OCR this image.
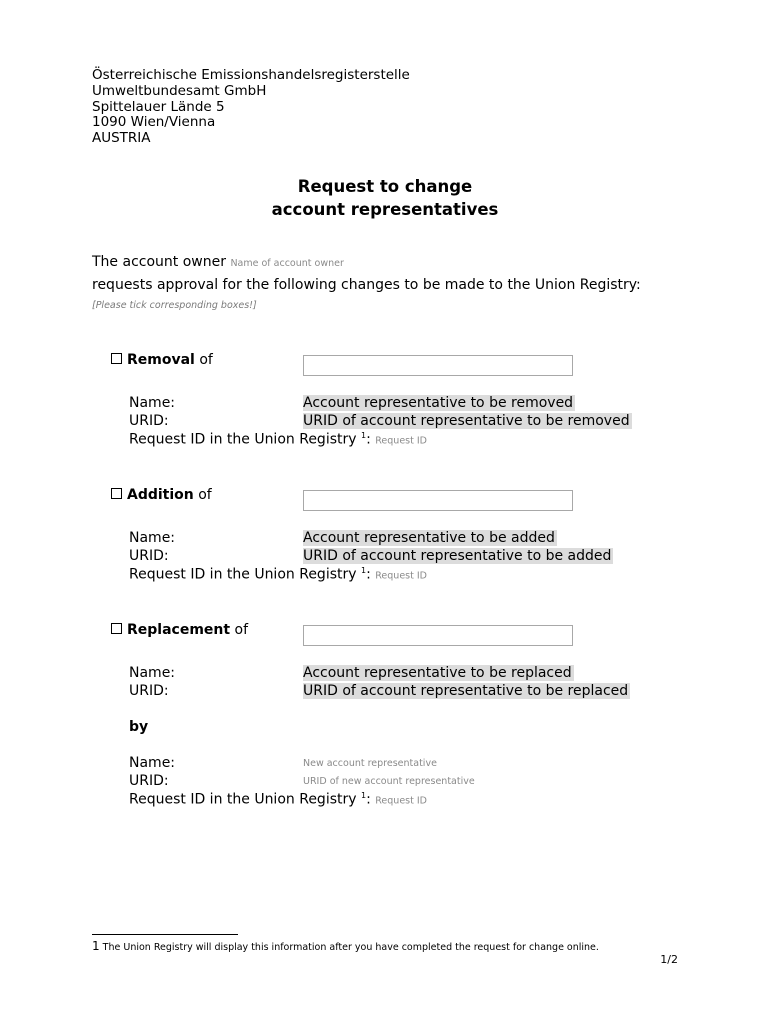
Österreichische Emissionshandelsregisterstelle
Umweltbundesamt GmbH
Spittelauer Lände 5
1090 Wien/Vienna
AUSTRIA
Request to change
account representatives
The account owner Name of account owner
requests approval for the following changes to be made to the Union Registry:
[Please tick corresponding boxes!]
Removal of
Name:	Account representative to be removed
URID:	URID of account representative to be removed
Request ID in the Union Registry $^1$: Request ID
Addition of
Name:	Account representative to be added
URID:	URID of account representative to be added
Request ID in the Union Registry $^1$: Request ID
Replacement of
Name:	Account representative to be replaced
URID:	URID of account representative to be replaced
by
Name:	New account representative
URID:	URID of new account representative
Request ID in the Union Registry $^1$: Request ID
1 The Union Registry will display this information after you have completed the request for change online.
1/2
